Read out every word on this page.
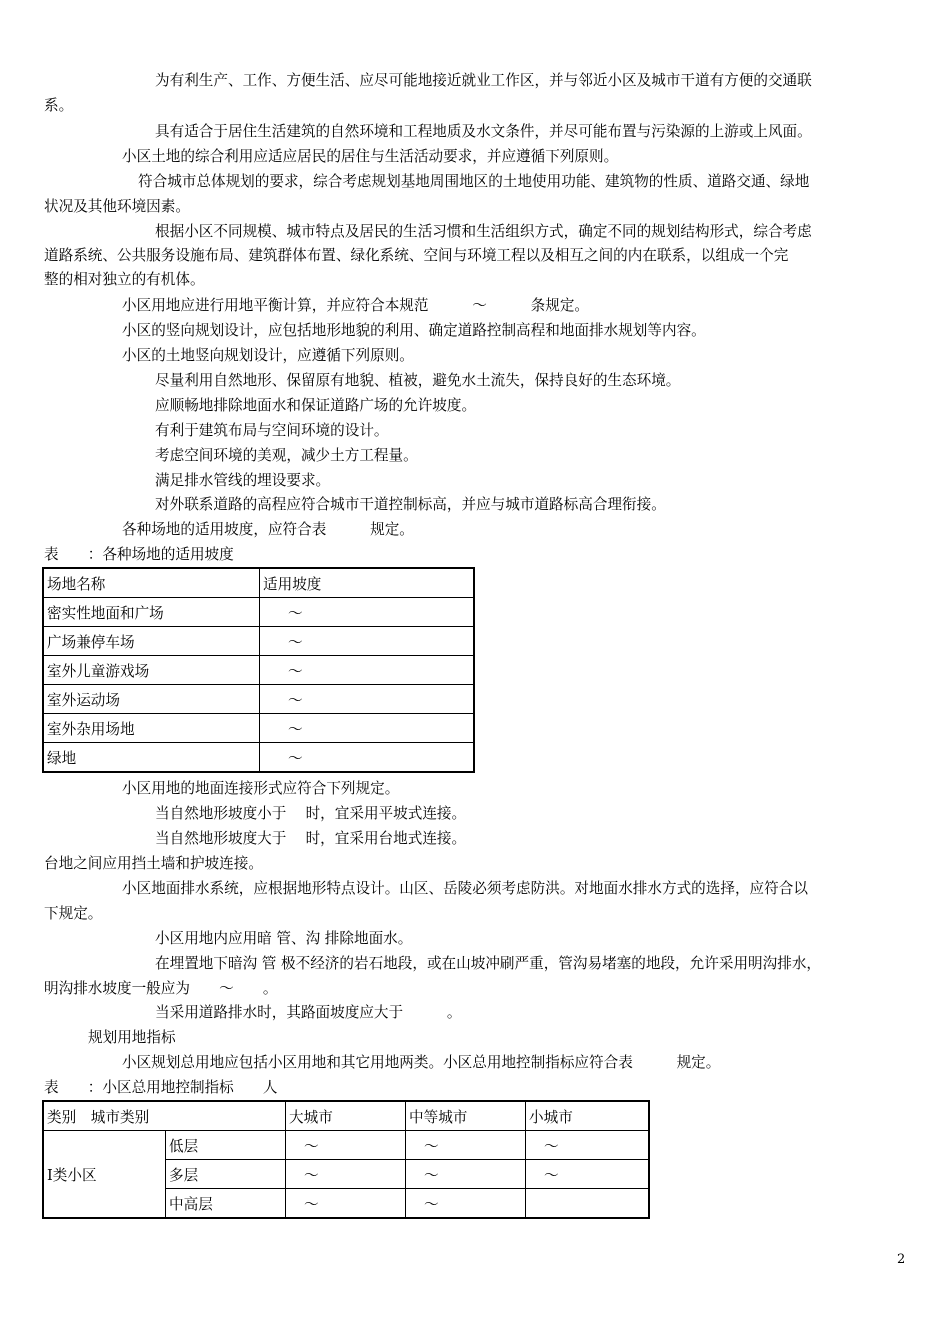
为有利生产、工作、方便生活、应尽可能地接近就业工作区，并与邻近小区及城市干道有方便的交通联
系。
具有适合于居住生活建筑的自然环境和工程地质及水文条件，并尽可能布置与污染源的上游或上风面。
小区土地的综合利用应适应居民的居住与生活活动要求，并应遵循下列原则。
符合城市总体规划的要求，综合考虑规划基地周围地区的土地使用功能、建筑物的性质、道路交通、绿地
状况及其他环境因素。
根据小区不同规模、城市特点及居民的生活习惯和生活组织方式，确定不同的规划结构形式，综合考虑
道路系统、公共服务设施布局、建筑群体布置、绿化系统、空间与环境工程以及相互之间的内在联系，以组成一个完
整的相对独立的有机体。
小区用地应进行用地平衡计算，并应符合本规范　　　～　　　条规定。
小区的竖向规划设计，应包括地形地貌的利用、确定道路控制高程和地面排水规划等内容。
小区的土地竖向规划设计，应遵循下列原则。
尽量利用自然地形、保留原有地貌、植被，避免水土流失，保持良好的生态环境。
应顺畅地排除地面水和保证道路广场的允许坡度。
有利于建筑布局与空间环境的设计。
考虑空间环境的美观，减少土方工程量。
满足排水管线的埋设要求。
对外联系道路的高程应符合城市干道控制标高，并应与城市道路标高合理衔接。
各种场地的适用坡度，应符合表　　　规定。
表　　：各种场地的适用坡度
场地名称	适用坡度
密实性地面和广场	～
广场兼停车场	～
室外儿童游戏场	～
室外运动场	～
室外杂用场地	～
绿地	～
小区用地的地面连接形式应符合下列规定。
当自然地形坡度小于　 时，宜采用平坡式连接。
当自然地形坡度大于　 时，宜采用台地式连接。
台地之间应用挡土墙和护坡连接。
小区地面排水系统，应根据地形特点设计。山区、岳陵必须考虑防洪。对地面水排水方式的选择，应符合以
下规定。
小区用地内应用暗 管、沟 排除地面水。
在埋置地下暗沟 管 极不经济的岩石地段，或在山坡冲刷严重，管沟易堵塞的地段，允许采用明沟排水，
明沟排水坡度一般应为　　～　　。
当采用道路排水时，其路面坡度应大于　　　。
规划用地指标
小区规划总用地应包括小区用地和其它用地两类。小区总用地控制指标应符合表　　　规定。
表　　：小区总用地控制指标　　人
类别　城市类别		大城市	中等城市	小城市
Ⅰ类小区	低层	～	～	～
	多层	～	～	～
	中高层	～	～	
2
